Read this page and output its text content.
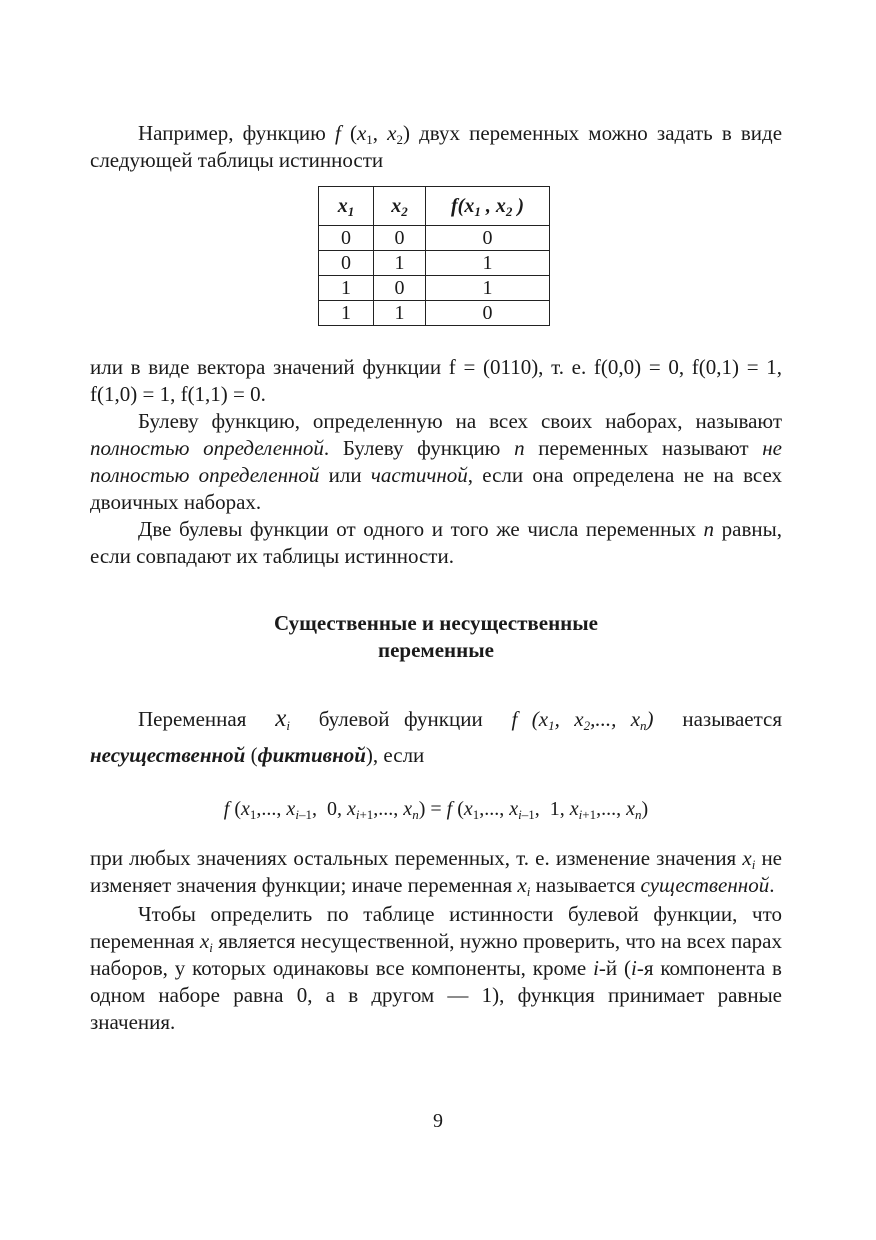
Например, функцию f ($x_1$, $x_2$) двух переменных можно задать в виде следующей таблицы истинности

$x_1$	$x_2$	$f(x_1$ , $x_2$ )
0	0	0
0	1	1
1	0	1
1	1	0

или в виде вектора значений функции f = (0110), т. е. f(0,0) = 0, f(0,1) = 1, f(1,0) = 1, f(1,1) = 0.

Булеву функцию, определенную на всех своих наборах, называют полностью определенной. Булеву функцию n переменных называют не полностью определенной или частичной, если она определена не на всех двоичных наборах.

Две булевы функции от одного и того же числа переменных n равны, если совпадают их таблицы истинности.

Существенные и несущественные
переменные

Переменная $x_i$ булевой функции f ($x_1$, $x_2$,..., $x_n$) называется несущественной (фиктивной), если

f ($x_1$,..., $x_{i-1}$,  0, $x_{i+1}$,..., $x_n) = f$ ($x_1$,..., $x_{i-1}$,  1, $x_{i+1}$,..., $x_n$)

при любых значениях остальных переменных, т. е. изменение значения $x_i$ не изменяет значения функции; иначе переменная $x_i$ называется существенной.

Чтобы определить по таблице истинности булевой функции, что переменная $x_i$ является несущественной, нужно проверить, что на всех парах наборов, у которых одинаковы все компоненты, кроме i-й (i-я компонента в одном наборе равна 0, а в другом — 1), функция принимает равные значения.

9
